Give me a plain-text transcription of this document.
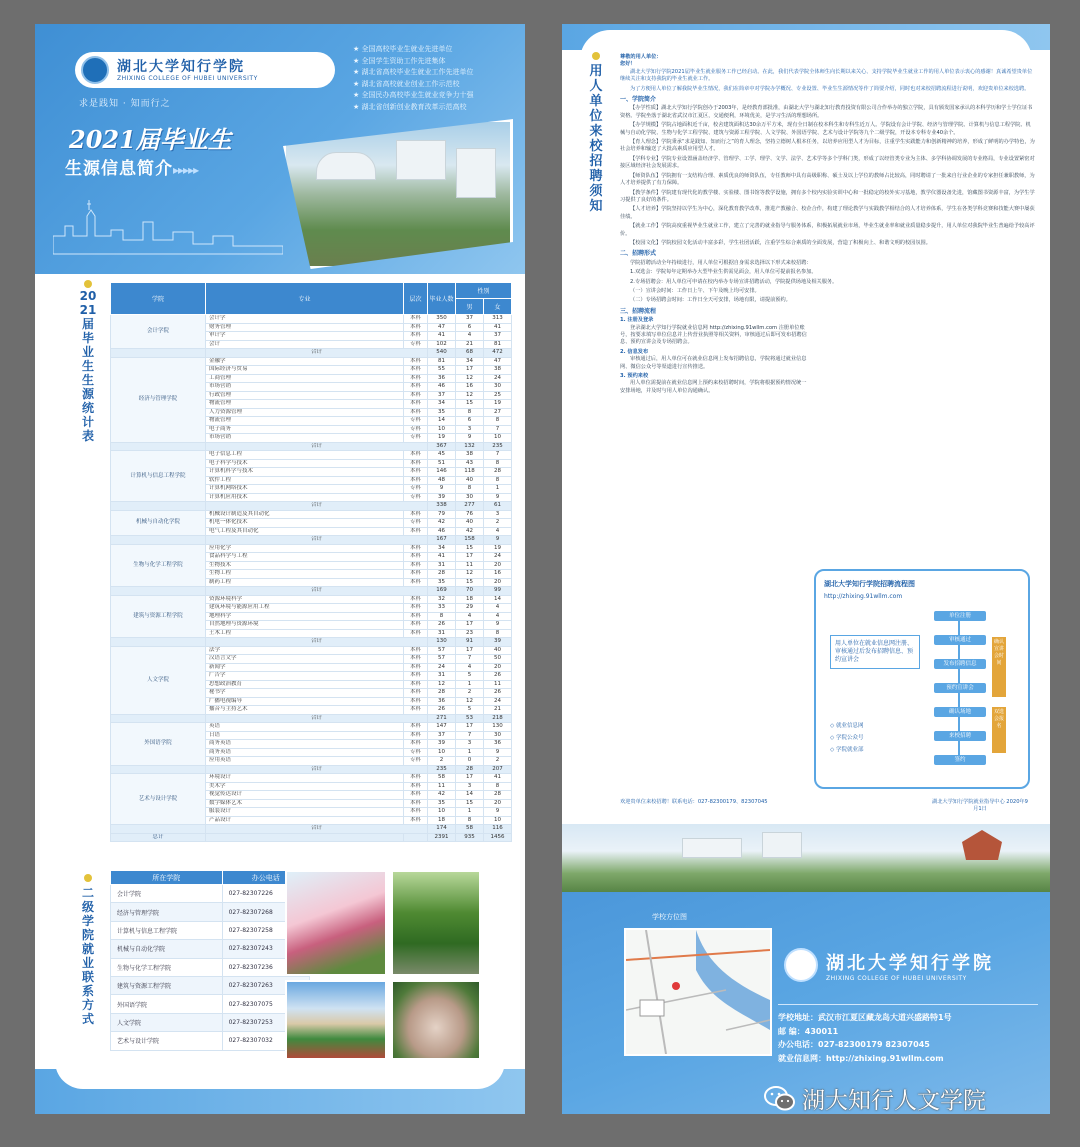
湖北大学知行学院
ZHIXING COLLEGE OF HUBEI UNIVERSITY
求是践知 · 知而行之
★ 全国高校毕业生就业先进单位
★ 全国学生资助工作先进集体
★ 湖北省高校毕业生就业工作先进单位
★ 湖北省高校就业创业工作示范校
★ 全国民办高校毕业生就业竞争力十强
★ 湖北省创新创业教育改革示范高校
2021届毕业生
生源信息简介▸▸▸▸▸
2021届毕业生生源统计表
学院	专业	层次	毕业人数	性别	
				男	女
会计学院	会计学	本科	350	37	313
	财务管理	本科	47	6	41
	审计学	本科	41	4	37
	会计	专科	102	21	81
	合计		540	68	472
经济与管理学院	金融学	本科	81	34	47
	国际经济与贸易	本科	55	17	38
	工商管理	本科	36	12	24
	市场营销	本科	46	16	30
	行政管理	本科	37	12	25
	物流管理	本科	34	15	19
	人力资源管理	本科	35	8	27
	物流管理	专科	14	6	8
	电子商务	专科	10	3	7
	市场营销	专科	19	9	10
	合计		367	132	235
计算机与信息工程学院	电子信息工程	本科	45	38	7
	电子科学与技术	本科	51	43	8
	计算机科学与技术	本科	146	118	28
	软件工程	本科	48	40	8
	计算机网络技术	专科	9	8	1
	计算机应用技术	专科	39	30	9
	合计		338	277	61
机械与自动化学院	机械设计制造及其自动化	本科	79	76	3
	机电一体化技术	专科	42	40	2
	电气工程及其自动化	本科	46	42	4
	合计		167	158	9
生物与化学工程学院	应用化学	本科	34	15	19
	食品科学与工程	本科	41	17	24
	生物技术	本科	31	11	20
	生物工程	本科	28	12	16
	制药工程	本科	35	15	20
	合计		169	70	99
建筑与资源工程学院	资源环境科学	本科	32	18	14
	建筑环境与能源应用工程	本科	33	29	4
	地理科学	本科	8	4	4
	自然地理与资源环境	本科	26	17	9
	土木工程	本科	31	23	8
	合计		130	91	39
人文学院	法学	本科	57	17	40
	汉语言文学	本科	57	7	50
	新闻学	本科	24	4	20
	广告学	本科	31	5	26
	思想政治教育	本科	12	1	11
	秘书学	本科	28	2	26
	广播电视编导	本科	36	12	24
	播音与主持艺术	本科	26	5	21
	合计		271	53	218
外国语学院	英语	本科	147	17	130
	日语	本科	37	7	30
	商务英语	本科	39	3	36
	商务英语	专科	10	1	9
	应用英语	专科	2	0	2
	合计		235	28	207
艺术与设计学院	环境设计	本科	58	17	41
	美术学	本科	11	3	8
	视觉传达设计	本科	42	14	28
	数字媒体艺术	本科	35	15	20
	服装设计	本科	10	1	9
	产品设计	本科	18	8	10
	合计		174	58	116
总计			2391	935	1456
二级学院就业联系方式
所在学院	办公电话
会计学院	027-82307226
经济与管理学院	027-82307268
计算机与信息工程学院	027-82307258
机械与自动化学院	027-82307243
生物与化学工程学院	027-82307236
建筑与资源工程学院	027-82307263
外国语学院	027-82307075
人文学院	027-82307253
艺术与设计学院	027-82307032
用人单位来校招聘须知
尊敬的用人单位：
您好！

湖北大学知行学院2021届毕业生就业服务工作已经启动。在此，我们代表学院全体师生向长期以来关心、支持学院毕业生就业工作的用人单位表示衷心的感谢！真诚希望贵单位继续关注和支持我院的毕业生就业工作。

为了方便用人单位了解我院毕业生情况，我们在简章中对学院办学概况、专业设置、毕业生生源情况等作了简要介绍，同时也对来校招聘流程进行说明，欢迎贵单位来校选聘。

一、学院简介

【办学性质】湖北大学知行学院创办于2003年，是经教育部批准，由湖北大学与湖北知行教育投资有限公司合作举办的独立学院，具有颁发国家承认的本科学历和学士学位证书资格。学院坐落于湖北省武汉市江夏区，交通便利，环境优美，是学习生活的理想场所。

【办学规模】学院占地面积近千亩，校舍建筑面积达30余万平方米，现有全日制在校本科生和专科生近万人。学院设有会计学院、经济与管理学院、计算机与信息工程学院、机械与自动化学院、生物与化学工程学院、建筑与资源工程学院、人文学院、外国语学院、艺术与设计学院等九个二级学院，开设本专科专业40余个。

【育人理念】学院秉承“求是践知、知而行之”的育人理念，坚持立德树人根本任务，以培养应用型人才为目标，注重学生实践能力和创新精神的培养，形成了鲜明的办学特色，为社会培养和输送了大批高素质应用型人才。

【学科专业】学院专业设置涵盖经济学、管理学、工学、理学、文学、法学、艺术学等多个学科门类，形成了以经管类专业为主体、多学科协调发展的专业格局，专业设置紧密对接区域经济社会发展需求。

【师资队伍】学院拥有一支结构合理、素质优良的师资队伍，专任教师中具有高级职称、硕士及以上学位的教师占比较高，同时聘请了一批来自行业企业的专家担任兼职教师，为人才培养提供了有力保障。

【教学条件】学院建有现代化的教学楼、实验楼、图书馆等教学设施，拥有多个校内实验实训中心和一批稳定的校外实习基地，教学仪器设备先进，馆藏图书资源丰富，为学生学习提供了良好的条件。

【人才培养】学院坚持以学生为中心，深化教育教学改革，推进产教融合、校企合作，构建了理论教学与实践教学相结合的人才培养体系，学生在各类学科竞赛和技能大赛中屡获佳绩。

【就业工作】学院高度重视毕业生就业工作，建立了完善的就业指导与服务体系，积极拓展就业市场，毕业生就业率和就业质量稳步提升，用人单位对我院毕业生普遍给予较高评价。

【校园文化】学院校园文化活动丰富多彩，学生社团活跃，注重学生综合素质的全面发展，营造了积极向上、和谐文明的校园氛围。

二、招聘形式

学院招聘活动全年持续进行，用人单位可根据自身需求选择以下形式来校招聘：

1.双选会：学院每年定期举办大型毕业生供需见面会，用人单位可提前报名参加。

2.专场招聘会：用人单位可申请在校内举办专场宣讲招聘活动，学院提供场地及相关服务。

（一）宣讲会时间：工作日上午、下午及晚上均可安排。

（二）专场招聘会时间：工作日全天可安排，场地有限，请提前预约。

三、招聘流程
1. 注册及登录

登录湖北大学知行学院就业信息网 http://zhixing.91wllm.com 注册单位账号，按要求填写单位信息并上传营业执照等相关资料，审核通过后即可发布招聘信息、预约宣讲会及专场招聘会。

2. 信息发布

审核通过后，用人单位可在就业信息网上发布招聘信息，学院将通过就业信息网、微信公众号等渠道进行宣传推送。

3. 预约来校

用人单位需提前在就业信息网上预约来校招聘时间，学院将根据预约情况统一安排场地，并及时与用人单位沟通确认。

湖北大学知行学院招聘流程图
http://zhixing.91wllm.com
用人单位在就业信息网注册、审核通过后发布招聘信息、预约宣讲会
单位注册
审核通过
发布招聘信息
预约宣讲会
确认场地
来校招聘
签约
确认宣讲会时间
双选会报名
◇ 就业信息网
◇ 学院公众号
◇ 学院就业部
欢迎贵单位来校招聘！联系电话：027-82300179、82307045	湖北大学知行学院就业指导中心 2020年9月1日
学校方位图
湖北大学知行学院
ZHIXING COLLEGE OF HUBEI UNIVERSITY
学校地址：武汉市江夏区藏龙岛大道兴盛路特1号
邮 编：430011
办公电话：027-82300179 82307045
就业信息网：http://zhixing.91wllm.com
湖大知行人文学院
